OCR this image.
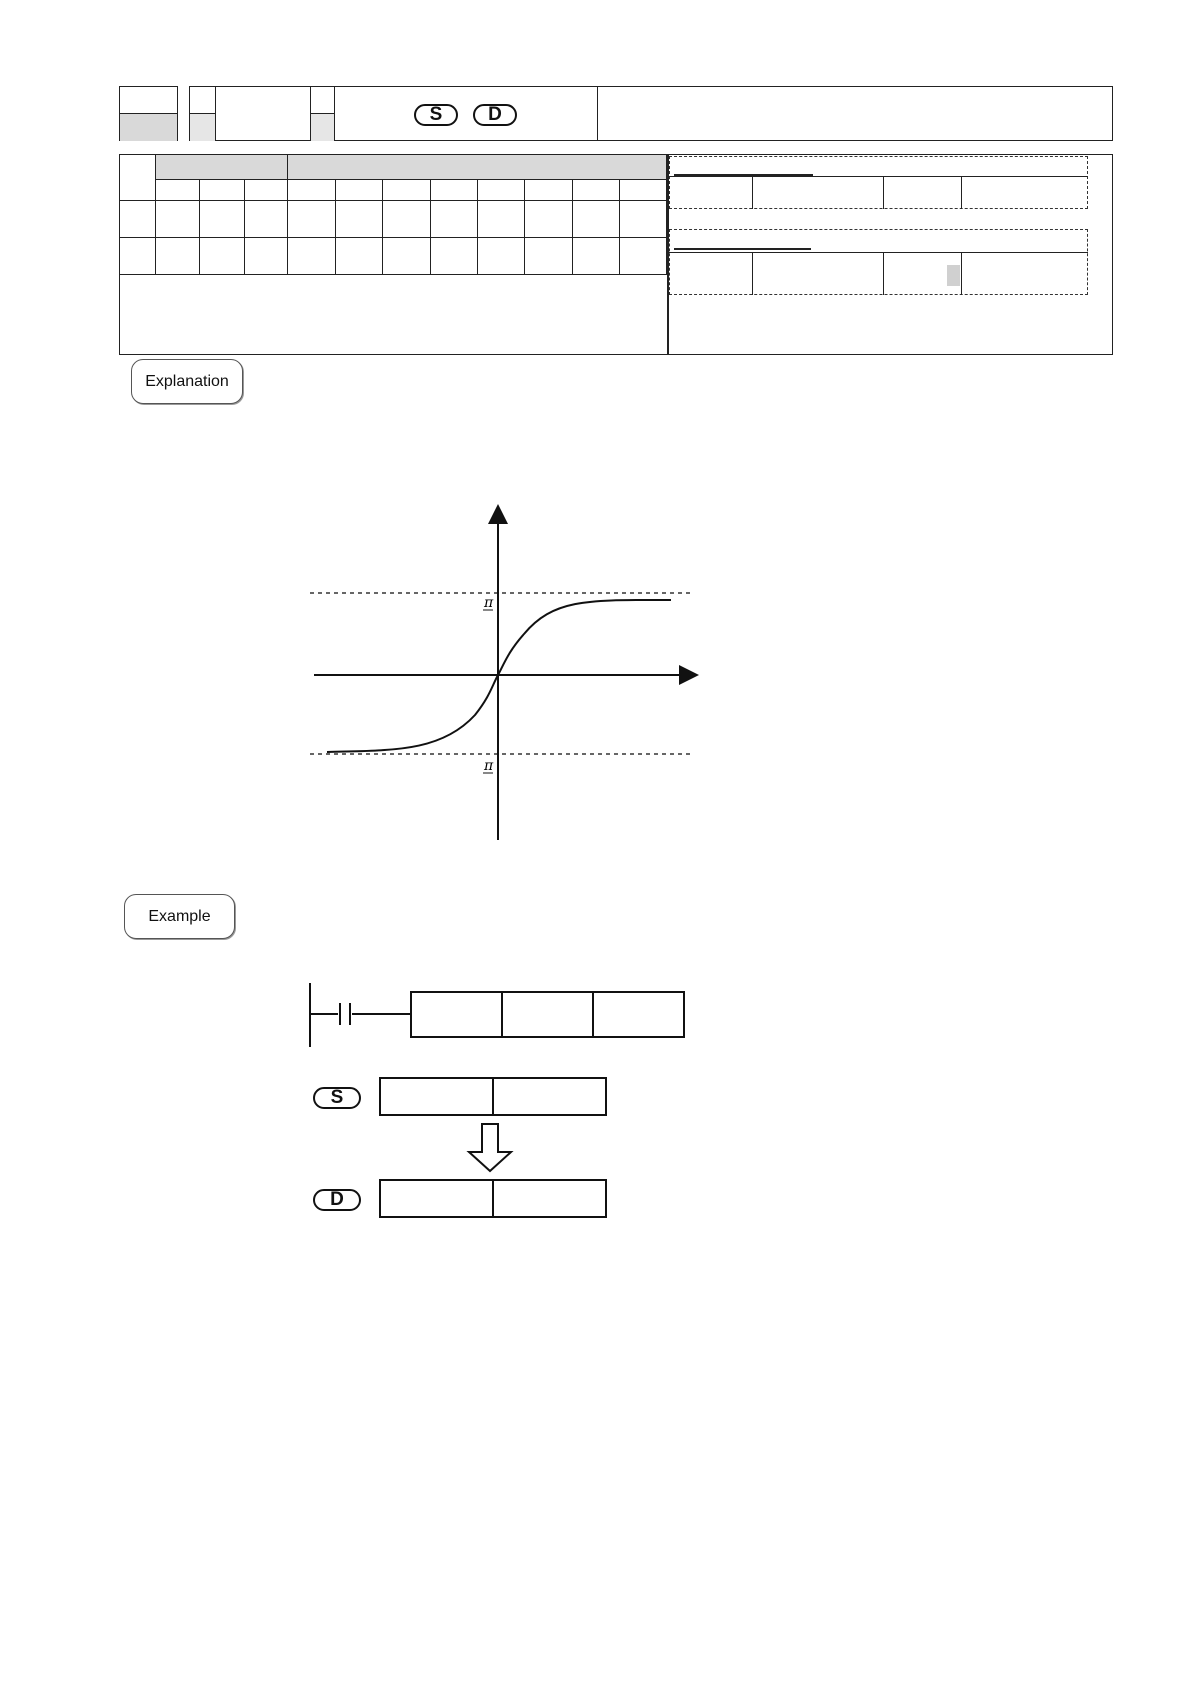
S	D

Explanation
π
π
Example
S
D
